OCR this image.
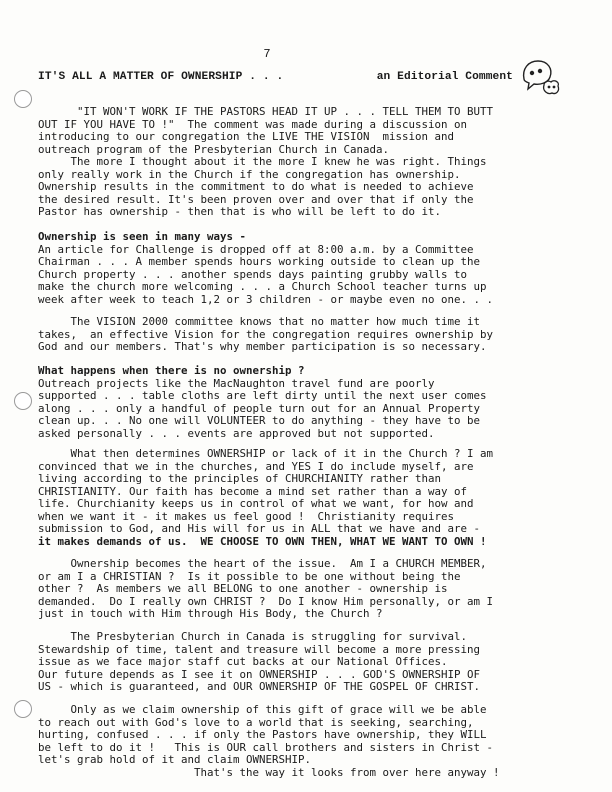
7
IT'S ALL A MATTER OF OWNERSHIP . . .	an Editorial Comment
"IT WON'T WORK IF THE PASTORS HEAD IT UP . . . TELL THEM TO BUTT
OUT IF YOU HAVE TO !"  The comment was made during a discussion on
introducing to our congregation the LIVE THE VISION  mission and
outreach program of the Presbyterian Church in Canada.
The more I thought about it the more I knew he was right. Things
only really work in the Church if the congregation has ownership.
Ownership results in the commitment to do what is needed to achieve
the desired result. It's been proven over and over that if only the
Pastor has ownership - then that is who will be left to do it.
Ownership is seen in many ways -
An article for Challenge is dropped off at 8:00 a.m. by a Committee
Chairman . . . A member spends hours working outside to clean up the
Church property . . . another spends days painting grubby walls to
make the church more welcoming . . . a Church School teacher turns up
week after week to teach 1,2 or 3 children - or maybe even no one. . .
The VISION 2000 committee knows that no matter how much time it
takes,  an effective Vision for the congregation requires ownership by
God and our members. That's why member participation is so necessary.
What happens when there is no ownership ?
Outreach projects like the MacNaughton travel fund are poorly
supported . . . table cloths are left dirty until the next user comes
along . . . only a handful of people turn out for an Annual Property
clean up. . . No one will VOLUNTEER to do anything - they have to be
asked personally . . . events are approved but not supported.
What then determines OWNERSHIP or lack of it in the Church ? I am
convinced that we in the churches, and YES I do include myself, are
living according to the principles of CHURCHIANITY rather than
CHRISTIANITY. Our faith has become a mind set rather than a way of
life. Churchianity keeps us in control of what we want, for how and
when we want it - it makes us feel good !  Christianity requires
submission to God, and His will for us in ALL that we have and are -
it makes demands of us.  WE CHOOSE TO OWN THEN, WHAT WE WANT TO OWN !
Ownership becomes the heart of the issue.  Am I a CHURCH MEMBER,
or am I a CHRISTIAN ?  Is it possible to be one without being the
other ?  As members we all BELONG to one another - ownership is
demanded.  Do I really own CHRIST ?  Do I know Him personally, or am I
just in touch with Him through His Body, the Church ?
The Presbyterian Church in Canada is struggling for survival.
Stewardship of time, talent and treasure will become a more pressing
issue as we face major staff cut backs at our National Offices.
Our future depends as I see it on OWNERSHIP . . . GOD'S OWNERSHIP OF
US - which is guaranteed, and OUR OWNERSHIP OF THE GOSPEL OF CHRIST.
Only as we claim ownership of this gift of grace will we be able
to reach out with God's love to a world that is seeking, searching,
hurting, confused . . . if only the Pastors have ownership, they WILL
be left to do it !   This is OUR call brothers and sisters in Christ -
let's grab hold of it and claim OWNERSHIP.
That's the way it looks from over here anyway !
